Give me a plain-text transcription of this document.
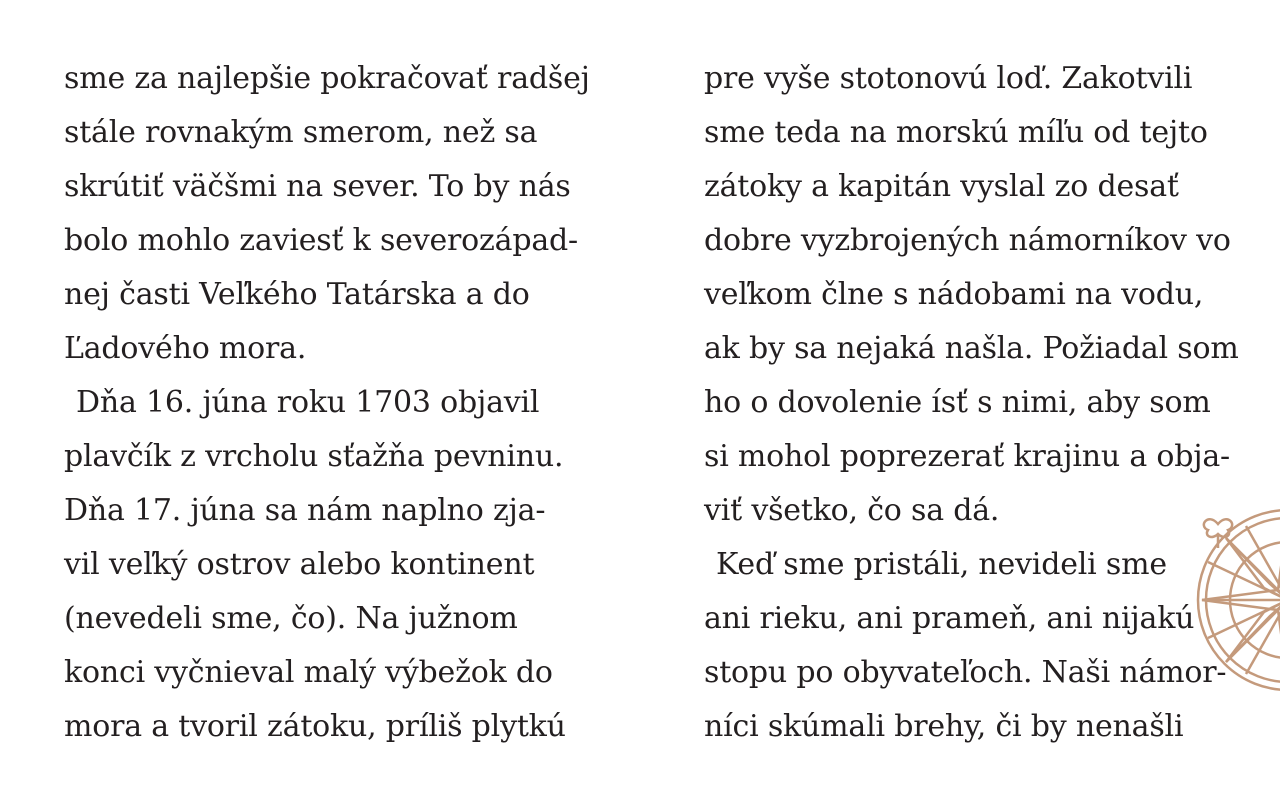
sme za najlepšie pokračovať radšej
stále rovnakým smerom, než sa
skrútiť väčšmi na sever. To by nás
bolo mohlo zaviesť k severozápad-
nej časti Veľkého Tatárska a do
Ľadového mora.
Dňa 16. júna roku 1703 objavil
plavčík z vrcholu sťažňa pevninu.
Dňa 17. júna sa nám naplno zja-
vil veľký ostrov alebo kontinent
(nevedeli sme, čo). Na južnom
konci vyčnieval malý výbežok do
mora a tvoril zátoku, príliš plytkú
pre vyše stotonovú loď. Zakotvili
sme teda na morskú míľu od tejto
zátoky a kapitán vyslal zo desať
dobre vyzbrojených námorníkov vo
veľkom člne s nádobami na vodu,
ak by sa nejaká našla. Požiadal som
ho o dovolenie ísť s nimi, aby som
si mohol poprezerať krajinu a obja-
viť všetko, čo sa dá.
Keď sme pristáli, nevideli sme
ani rieku, ani prameň, ani nijakú
stopu po obyvateľoch. Naši námor-
níci skúmali brehy, či by nenašli
